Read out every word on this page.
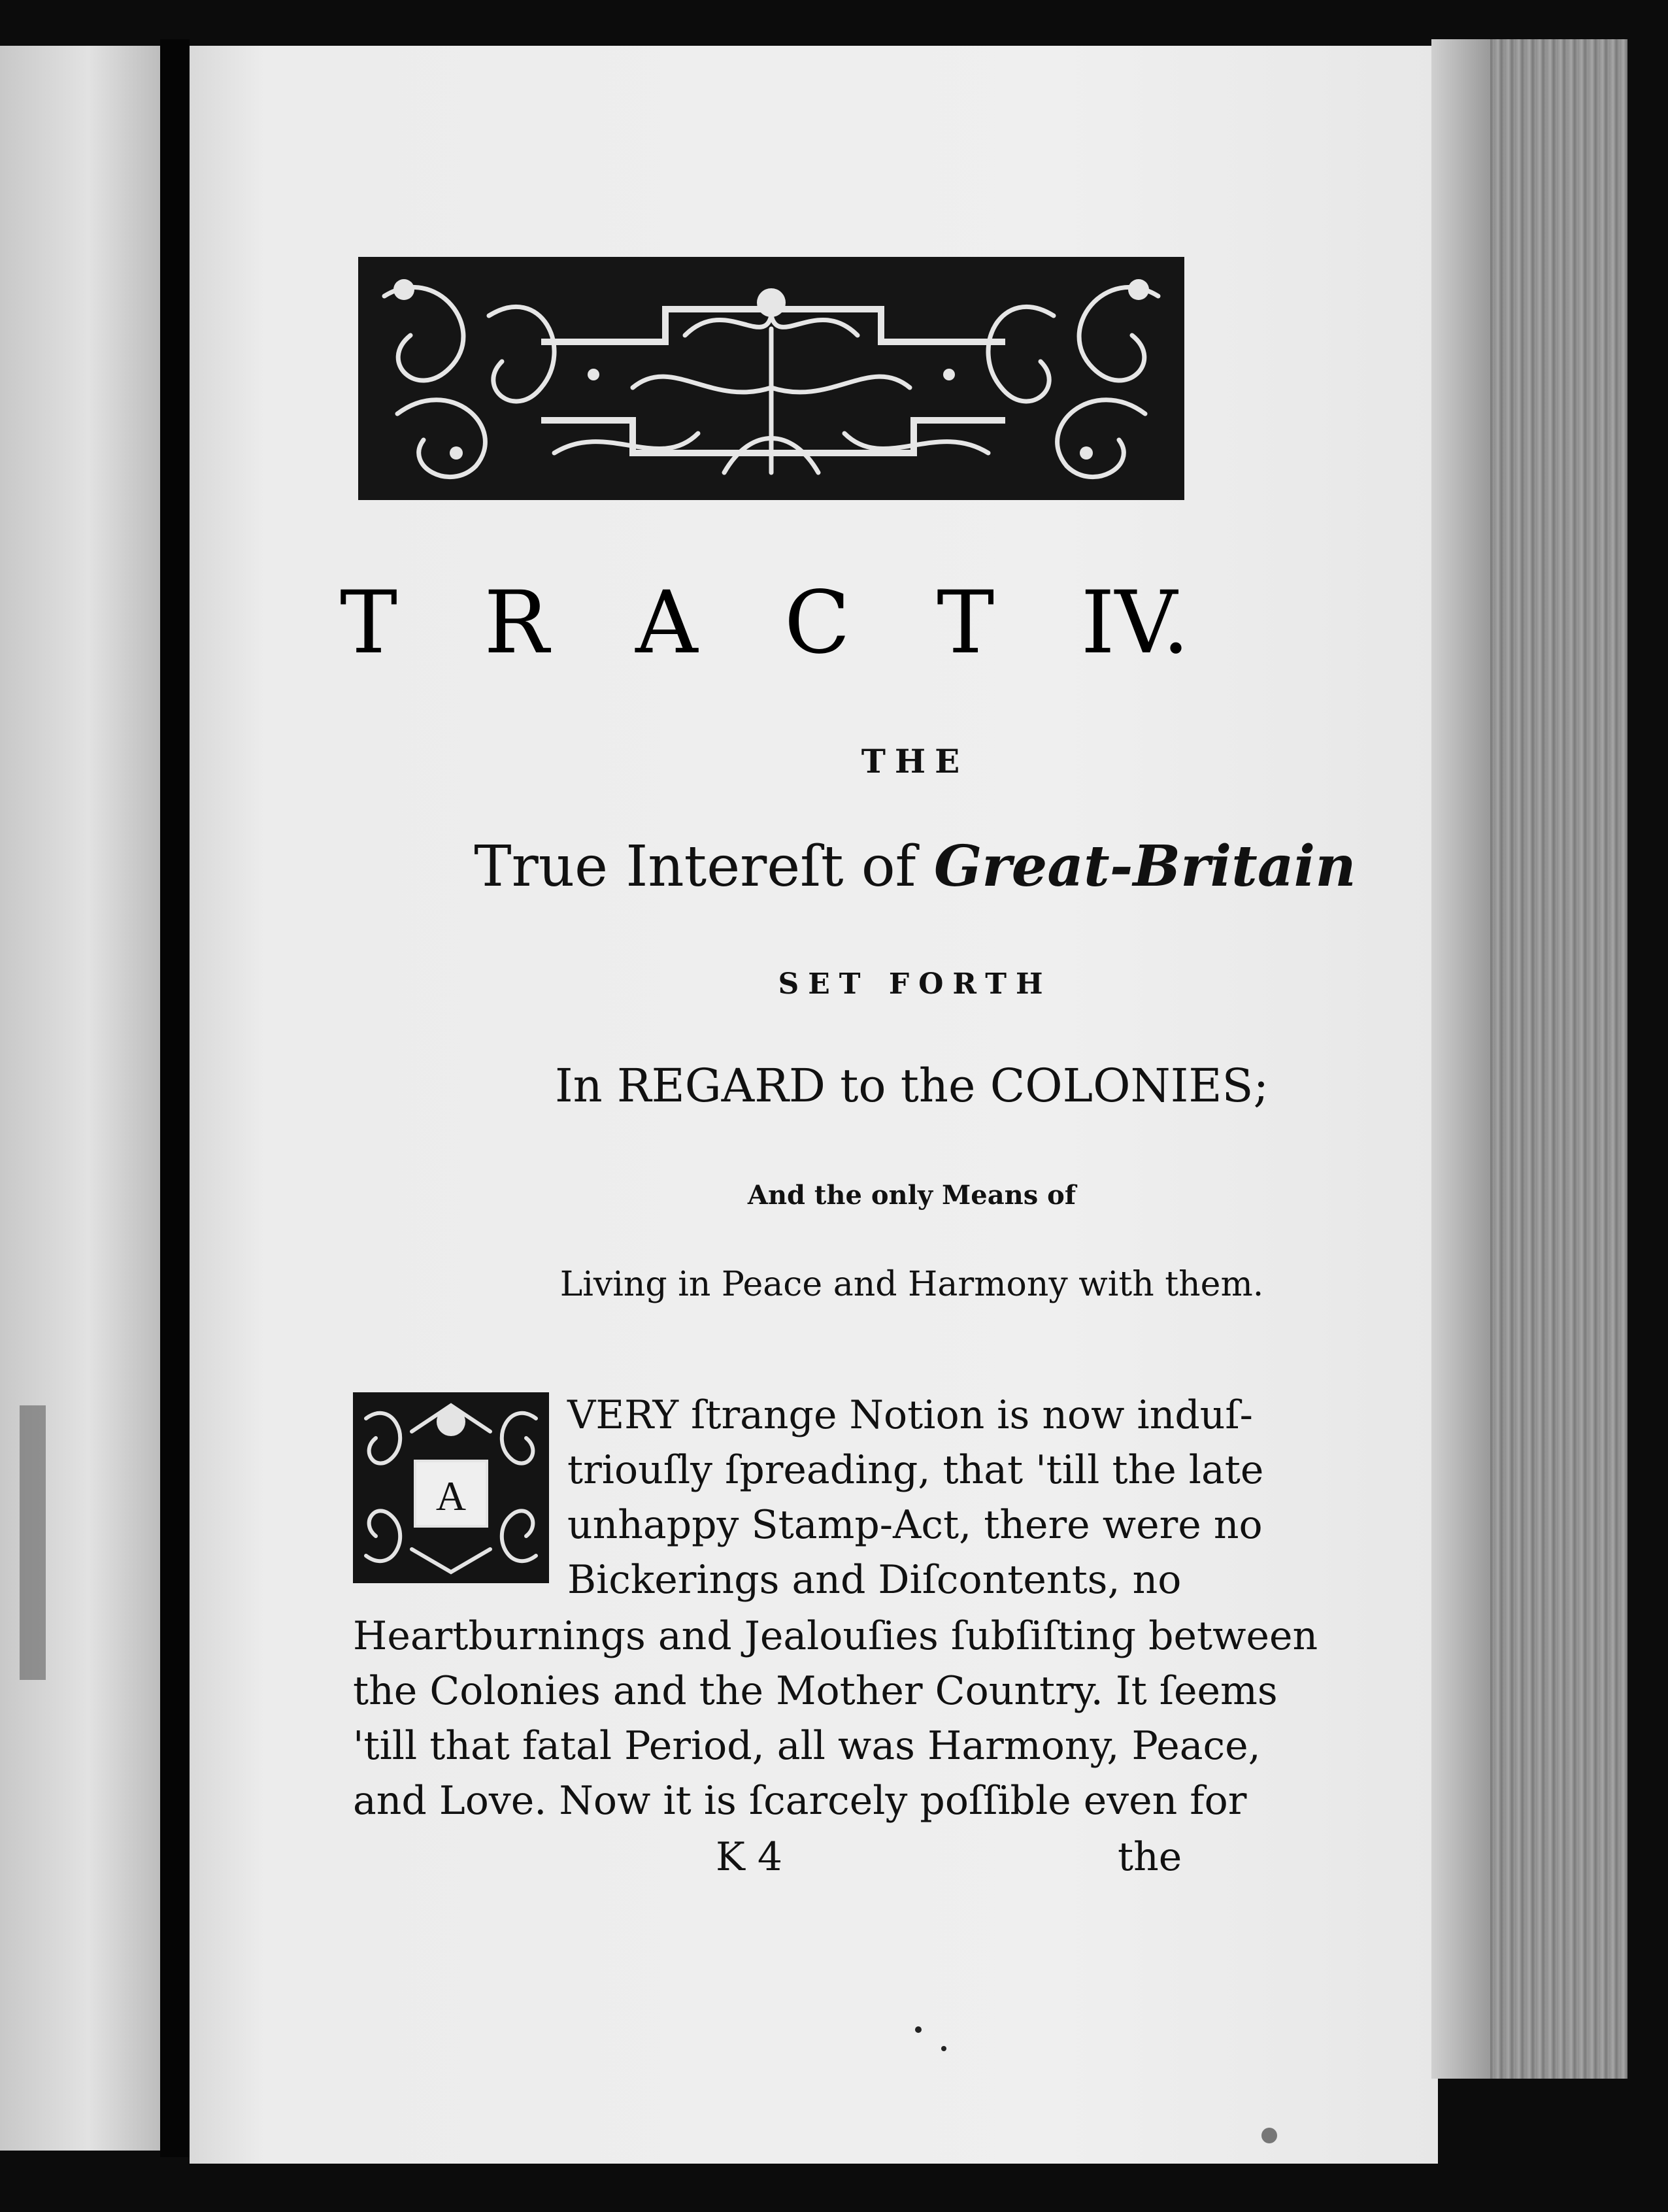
T R A C T IV.
THE
True Intereſt of Great-Britain
SET FORTH
In REGARD to the COLONIES;
And the only Means of
Living in Peace and Harmony with them.
A
VERY ſtrange Notion is now induſ-
triouſly ſpreading, that 'till the late
unhappy Stamp-Act, there were no
Bickerings and Diſcontents, no
Heartburnings and Jealouſies ſubſiſting between
the Colonies and the Mother Country. It ſeems
'till that fatal Period, all was Harmony, Peace,
and Love. Now it is ſcarcely poſſible even for
K 4	the
